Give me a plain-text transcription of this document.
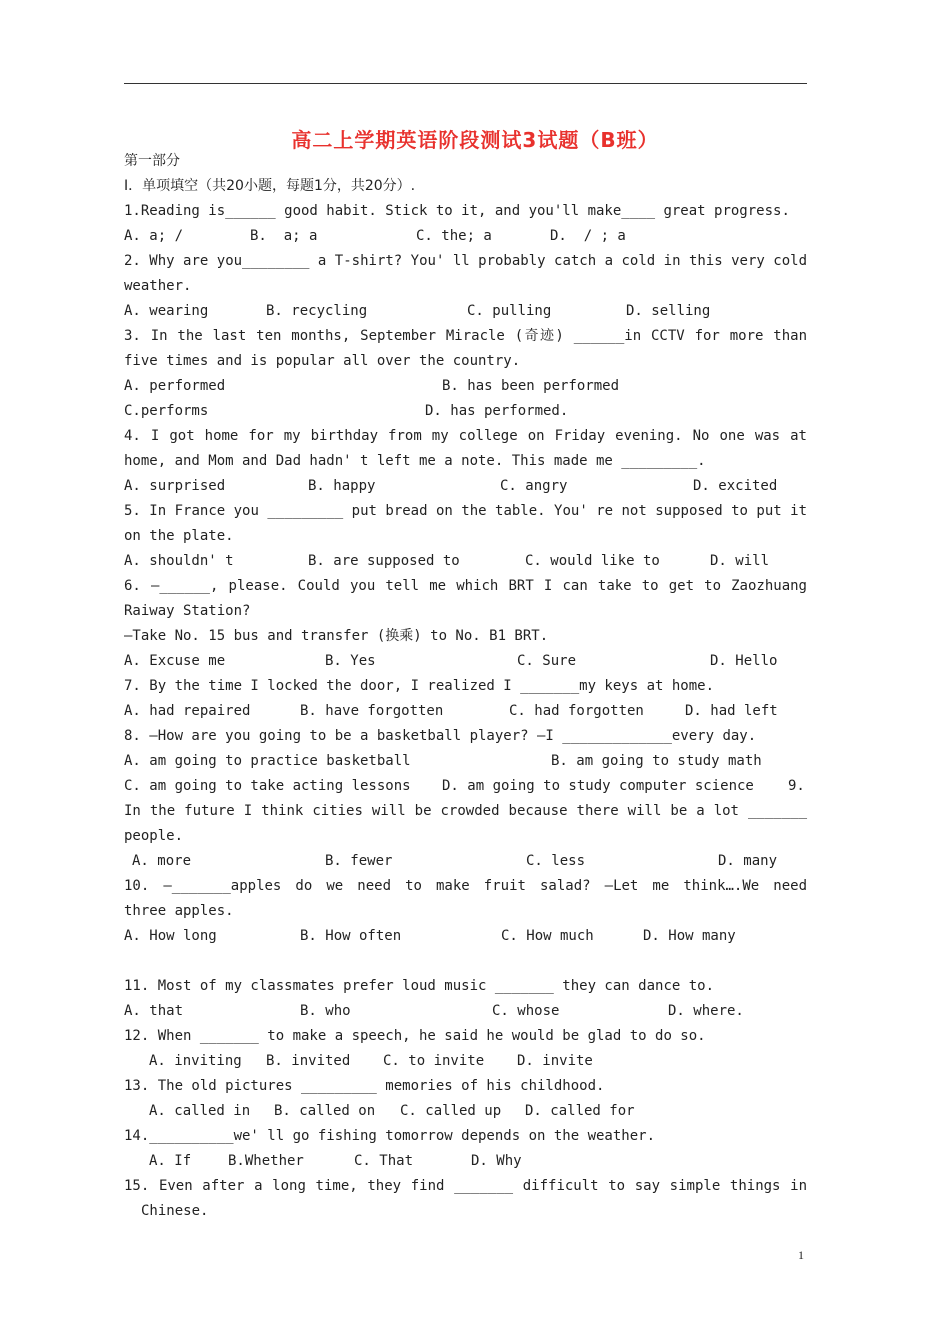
高二上学期英语阶段测试3试题（B班）
第一部分
Ⅰ．单项填空（共20小题，每题1分，共20分）.
1.Reading is______ good habit. Stick to it, and you'll make____ great progress.

A. a; /

	B.  a; a

	C. the; a

	D.  / ; a

2. Why are you________ a T-shirt? You' ll probably catch a cold in this very cold
weather.

A. wearing

	B. recycling

	C. pulling

	D. selling

3. In the last ten months, September Miracle (奇迹) ______in CCTV for more than
five times and is popular all over the country.

A. performed

	B. has been performed

C.performs

	D. has performed.

4. I got home for my birthday from my college on Friday evening. No one was at
home, and Mom and Dad hadn' t left me a note. This made me _________.

A. surprised

	B. happy

	C. angry

	D. excited

5. In France you _________ put bread on the table. You' re not supposed to put it
on the plate.

A. shouldn' t

	B. are supposed to

	C. would like to

	D. will

6. —______, please. Could you tell me which BRT I can take to get to Zaozhuang
Raiway Station?
—Take No. 15 bus and transfer (换乘) to No. B1 BRT.

A. Excuse me

	B. Yes

	C. Sure

	D. Hello

7. By the time I locked the door, I realized I _______my keys at home.

A. had repaired

	B. have forgotten

	C. had forgotten

	D. had left

8. —How are you going to be a basketball player? —I _____________every day.

A. am going to practice basketball

	B. am going to study math

C. am going to take acting lessons

D. am going to study computer science

9.

In the future I think cities will be crowded because there will be a lot _______
people.

A. more

	B. fewer

	C. less

	D. many

10. —_______apples do we need to make fruit salad? —Let me think….We need
three apples.

A. How long

	B. How often

	C. How much

	D. How many

11. Most of my classmates prefer loud music _______ they can dance to.

A. that

	B. who

	C. whose

	D. where.

12. When _______ to make a speech, he said he would be glad to do so.

A. inviting

B. invited

C. to invite

D. invite

13. The old pictures _________ memories of his childhood.

A. called in

B. called on

C. called up

D. called for

14.__________we' ll go fishing tomorrow depends on the weather.

A. If

	B.Whether

	C. That

	D. Why

15. Even after a long time, they find _______ difficult to say simple things in
Chinese.
1
